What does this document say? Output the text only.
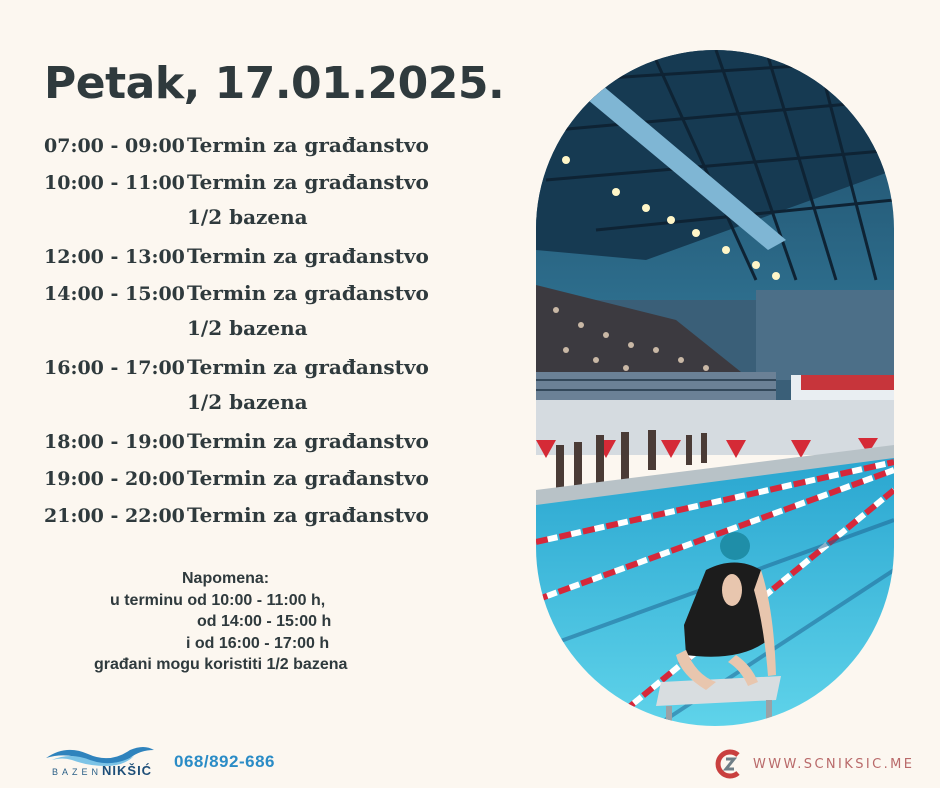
Petak, 17.01.2025.
07:00 - 09:00 Termin za građanstvo
10:00 - 11:00 Termin za građanstvo
1/2 bazena
12:00 - 13:00 Termin za građanstvo
14:00 - 15:00 Termin za građanstvo
1/2 bazena
16:00 - 17:00 Termin za građanstvo
1/2 bazena
18:00 - 19:00 Termin za građanstvo
19:00 - 20:00 Termin za građanstvo
21:00 - 22:00 Termin za građanstvo
Napomena:
u terminu od 10:00 - 11:00 h,
od 14:00 - 15:00 h
i od 16:00 - 17:00 h
građani mogu koristiti 1/2 bazena
BAZENNIKŠIĆ 068/892-686	WWW.SCNIKSIC.ME
